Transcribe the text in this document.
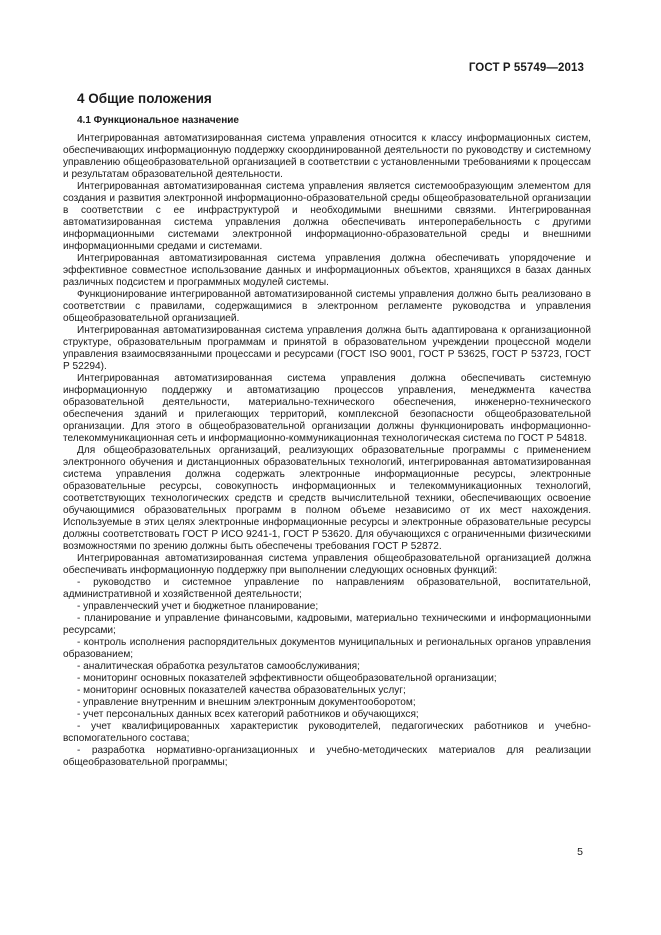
ГОСТ Р 55749—2013
4 Общие положения
4.1 Функциональное назначение

Интегрированная автоматизированная система управления относится к классу информационных систем, обеспечивающих информационную поддержку скоординированной деятельности по руководству и системному управлению общеобразовательной организацией в соответствии с установленными требованиями к процессам и результатам образовательной деятельности.

Интегрированная автоматизированная система управления является системообразующим элементом для создания и развития электронной информационно-образовательной среды общеобразовательной организации в соответствии с ее инфраструктурой и необходимыми внешними связями. Интегрированная автоматизированная система управления должна обеспечивать интероперабельность с другими информационными системами электронной информационно-образовательной среды и внешними информационными средами и системами.

Интегрированная автоматизированная система управления должна обеспечивать упорядочение и эффективное совместное использование данных и информационных объектов, хранящихся в базах данных различных подсистем и программных модулей системы.

Функционирование интегрированной автоматизированной системы управления должно быть реализовано в соответствии с правилами, содержащимися в электронном регламенте руководства и управления общеобразовательной организацией.

Интегрированная автоматизированная система управления должна быть адаптирована к организационной структуре, образовательным программам и принятой в образовательном учреждении процессной модели управления взаимосвязанными процессами и ресурсами (ГОСТ ISO 9001, ГОСТ Р 53625, ГОСТ Р 53723, ГОСТ Р 52294).

Интегрированная автоматизированная система управления должна обеспечивать системную информационную поддержку и автоматизацию процессов управления, менеджмента качества образовательной деятельности, материально-технического обеспечения, инженерно-технического обеспечения зданий и прилегающих территорий, комплексной безопасности общеобразовательной организации. Для этого в общеобразовательной организации должны функционировать информационно-телекоммуникационная сеть и информационно-коммуникационная технологическая система по ГОСТ Р 54818.

Для общеобразовательных организаций, реализующих образовательные программы с применением электронного обучения и дистанционных образовательных технологий, интегрированная автоматизированная система управления должна содержать электронные информационные ресурсы, электронные образовательные ресурсы, совокупность информационных и телекоммуникационных технологий, соответствующих технологических средств и средств вычислительной техники, обеспечивающих освоение обучающимися образовательных программ в полном объеме независимо от их мест нахождения. Используемые в этих целях электронные информационные ресурсы и электронные образовательные ресурсы должны соответствовать ГОСТ Р ИСО 9241-1, ГОСТ Р 53620. Для обучающихся с ограниченными физическими возможностями по зрению должны быть обеспечены требования ГОСТ Р 52872.

Интегрированная автоматизированная система управления общеобразовательной организацией должна обеспечивать информационную поддержку при выполнении следующих основных функций:

- руководство и системное управление по направлениям образовательной, воспитательной, административной и хозяйственной деятельности;

- управленческий учет и бюджетное планирование;

- планирование и управление финансовыми, кадровыми, материально техническими и информационными ресурсами;

- контроль исполнения распорядительных документов муниципальных и региональных органов управления образованием;

- аналитическая обработка результатов самообслуживания;

- мониторинг основных показателей эффективности общеобразовательной организации;

- мониторинг основных показателей качества образовательных услуг;

- управление внутренним и внешним электронным документооборотом;

- учет персональных данных всех категорий работников и обучающихся;

- учет квалифицированных характеристик руководителей, педагогических работников и учебно-вспомогательного состава;

- разработка нормативно-организационных и учебно-методических материалов для реализации общеобразовательной программы;

5
